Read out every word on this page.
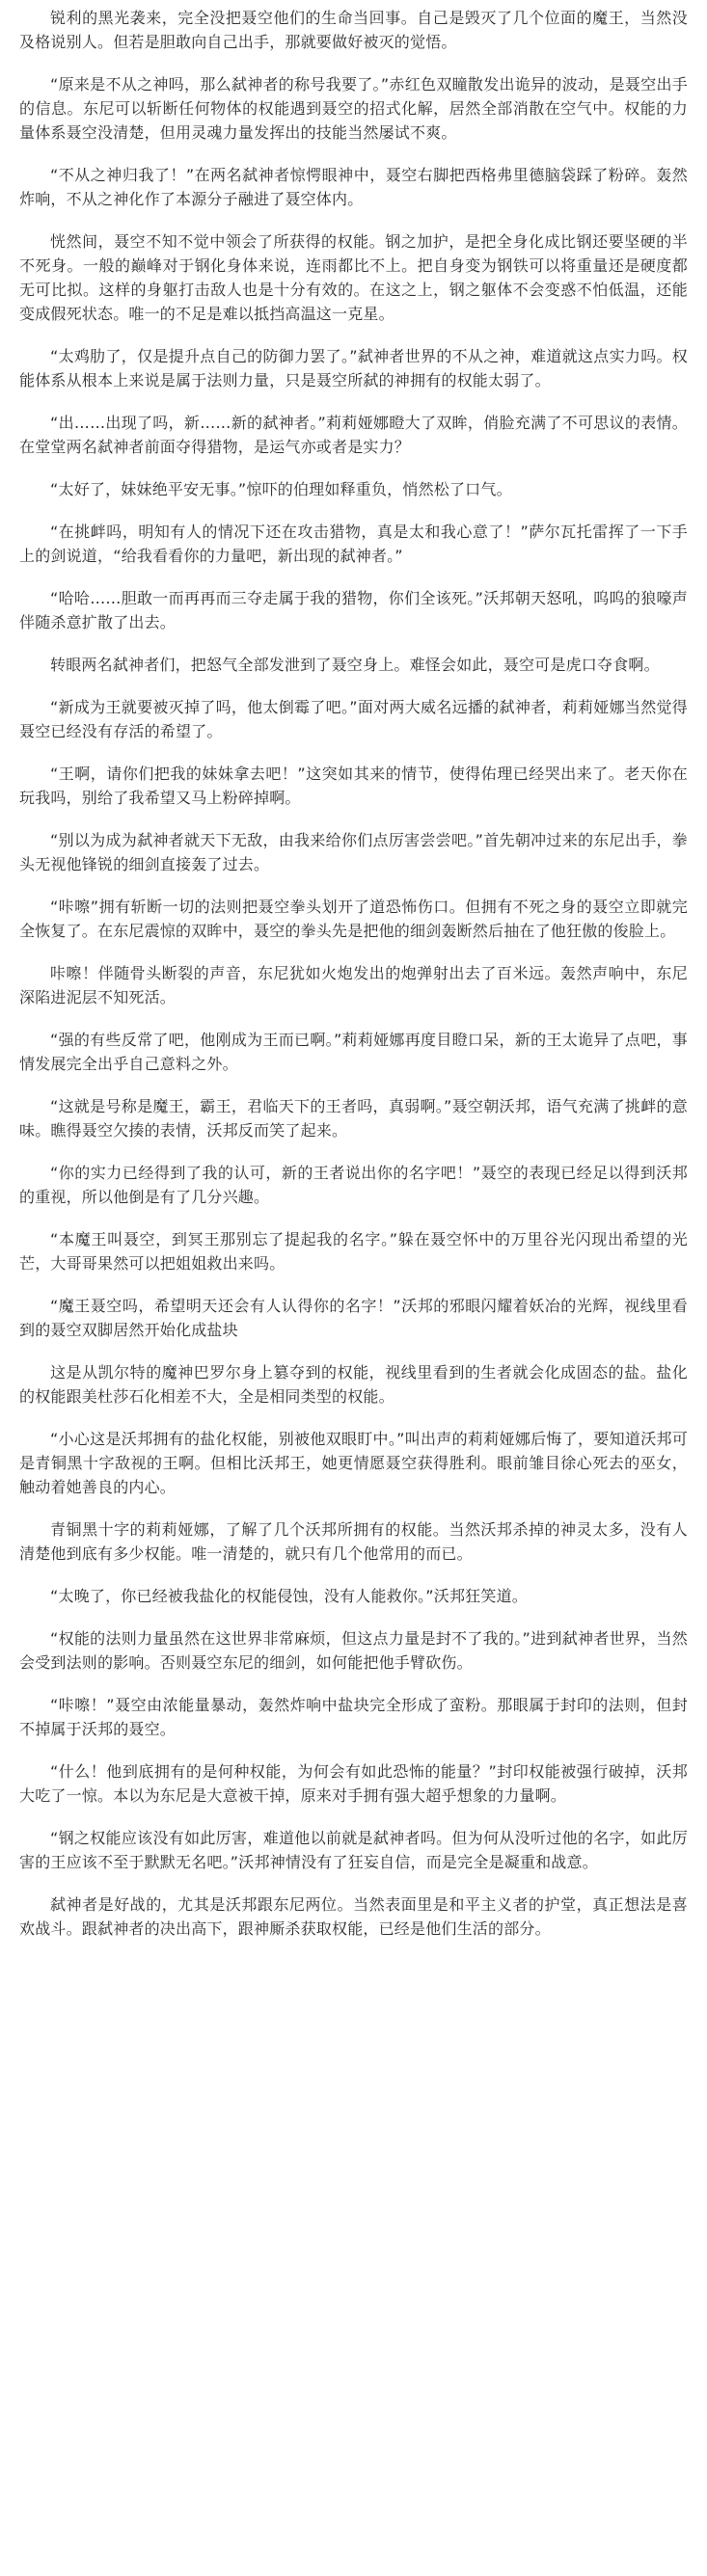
锐利的黑光袭来，完全没把聂空他们的生命当回事。自己是毁灭了几个位面的魔王，当然没及格说别人。但若是胆敢向自己出手，那就要做好被灭的觉悟。

“原来是不从之神吗，那么弑神者的称号我要了。”赤红色双瞳散发出诡异的波动，是聂空出手的信息。东尼可以斩断任何物体的权能遇到聂空的招式化解，居然全部消散在空气中。权能的力量体系聂空没清楚，但用灵魂力量发挥出的技能当然屡试不爽。

“不从之神归我了！”在两名弑神者惊愕眼神中，聂空右脚把西格弗里德脑袋踩了粉碎。轰然炸响，不从之神化作了本源分子融进了聂空体内。

恍然间，聂空不知不觉中领会了所获得的权能。钢之加护，是把全身化成比钢还要坚硬的半不死身。一般的巅峰对于钢化身体来说，连雨都比不上。把自身变为钢铁可以将重量还是硬度都无可比拟。这样的身躯打击敌人也是十分有效的。在这之上，钢之躯体不会变惑不怕低温，还能变成假死状态。唯一的不足是难以抵挡高温这一克星。

“太鸡肋了，仅是提升点自己的防御力罢了。”弑神者世界的不从之神，难道就这点实力吗。权能体系从根本上来说是属于法则力量，只是聂空所弑的神拥有的权能太弱了。

“出……出现了吗，新……新的弑神者。”莉莉娅娜瞪大了双眸，俏脸充满了不可思议的表情。在堂堂两名弑神者前面夺得猎物，是运气亦或者是实力？

“太好了，妹妹绝平安无事。”惊吓的伯理如释重负，悄然松了口气。

“在挑衅吗，明知有人的情况下还在攻击猎物，真是太和我心意了！”萨尔瓦托雷挥了一下手上的剑说道，“给我看看你的力量吧，新出现的弑神者。”

“哈哈……胆敢一而再再而三夺走属于我的猎物，你们全该死。”沃邦朝天怒吼，呜呜的狼嚎声伴随杀意扩散了出去。

转眼两名弑神者们，把怒气全部发泄到了聂空身上。难怪会如此，聂空可是虎口夺食啊。

“新成为王就要被灭掉了吗，他太倒霉了吧。”面对两大威名远播的弑神者，莉莉娅娜当然觉得聂空已经没有存活的希望了。

“王啊，请你们把我的妹妹拿去吧！”这突如其来的情节，使得佑理已经哭出来了。老天你在玩我吗，别给了我希望又马上粉碎掉啊。

“别以为成为弑神者就天下无敌，由我来给你们点厉害尝尝吧。”首先朝冲过来的东尼出手，拳头无视他锋锐的细剑直接轰了过去。

“咔嚓”拥有斩断一切的法则把聂空拳头划开了道恐怖伤口。但拥有不死之身的聂空立即就完全恢复了。在东尼震惊的双眸中，聂空的拳头先是把他的细剑轰断然后抽在了他狂傲的俊脸上。

咔嚓！伴随骨头断裂的声音，东尼犹如火炮发出的炮弹射出去了百米远。轰然声响中，东尼深陷进泥层不知死活。

“强的有些反常了吧，他刚成为王而已啊。”莉莉娅娜再度目瞪口呆，新的王太诡异了点吧，事情发展完全出乎自己意料之外。

“这就是号称是魔王，霸王，君临天下的王者吗，真弱啊。”聂空朝沃邦，语气充满了挑衅的意味。瞧得聂空欠揍的表情，沃邦反而笑了起来。

“你的实力已经得到了我的认可，新的王者说出你的名字吧！”聂空的表现已经足以得到沃邦的重视，所以他倒是有了几分兴趣。

“本魔王叫聂空，到冥王那别忘了提起我的名字。”躲在聂空怀中的万里谷光闪现出希望的光芒，大哥哥果然可以把姐姐救出来吗。

“魔王聂空吗，希望明天还会有人认得你的名字！”沃邦的邪眼闪耀着妖冶的光辉，视线里看到的聂空双脚居然开始化成盐块

这是从凯尔特的魔神巴罗尔身上篡夺到的权能，视线里看到的生者就会化成固态的盐。盐化的权能跟美杜莎石化相差不大，全是相同类型的权能。

“小心这是沃邦拥有的盐化权能，别被他双眼盯中。”叫出声的莉莉娅娜后悔了，要知道沃邦可是青铜黑十字敌视的王啊。但相比沃邦王，她更情愿聂空获得胜利。眼前雏目徐心死去的巫女，触动着她善良的内心。

青铜黑十字的莉莉娅娜，了解了几个沃邦所拥有的权能。当然沃邦杀掉的神灵太多，没有人清楚他到底有多少权能。唯一清楚的，就只有几个他常用的而已。

“太晚了，你已经被我盐化的权能侵蚀，没有人能救你。”沃邦狂笑道。

“权能的法则力量虽然在这世界非常麻烦，但这点力量是封不了我的。”进到弑神者世界，当然会受到法则的影响。否则聂空东尼的细剑，如何能把他手臂砍伤。

“咔嚓！”聂空由浓能量暴动，轰然炸响中盐块完全形成了蛮粉。那眼属于封印的法则，但封不掉属于沃邦的聂空。

“什么！他到底拥有的是何种权能，为何会有如此恐怖的能量？”封印权能被强行破掉，沃邦大吃了一惊。本以为东尼是大意被干掉，原来对手拥有强大超乎想象的力量啊。

“钢之权能应该没有如此厉害，难道他以前就是弑神者吗。但为何从没听过他的名字，如此厉害的王应该不至于默默无名吧。”沃邦神情没有了狂妄自信，而是完全是凝重和战意。

弑神者是好战的，尤其是沃邦跟东尼两位。当然表面里是和平主义者的护堂，真正想法是喜欢战斗。跟弑神者的决出高下，跟神厮杀获取权能，已经是他们生活的部分。
